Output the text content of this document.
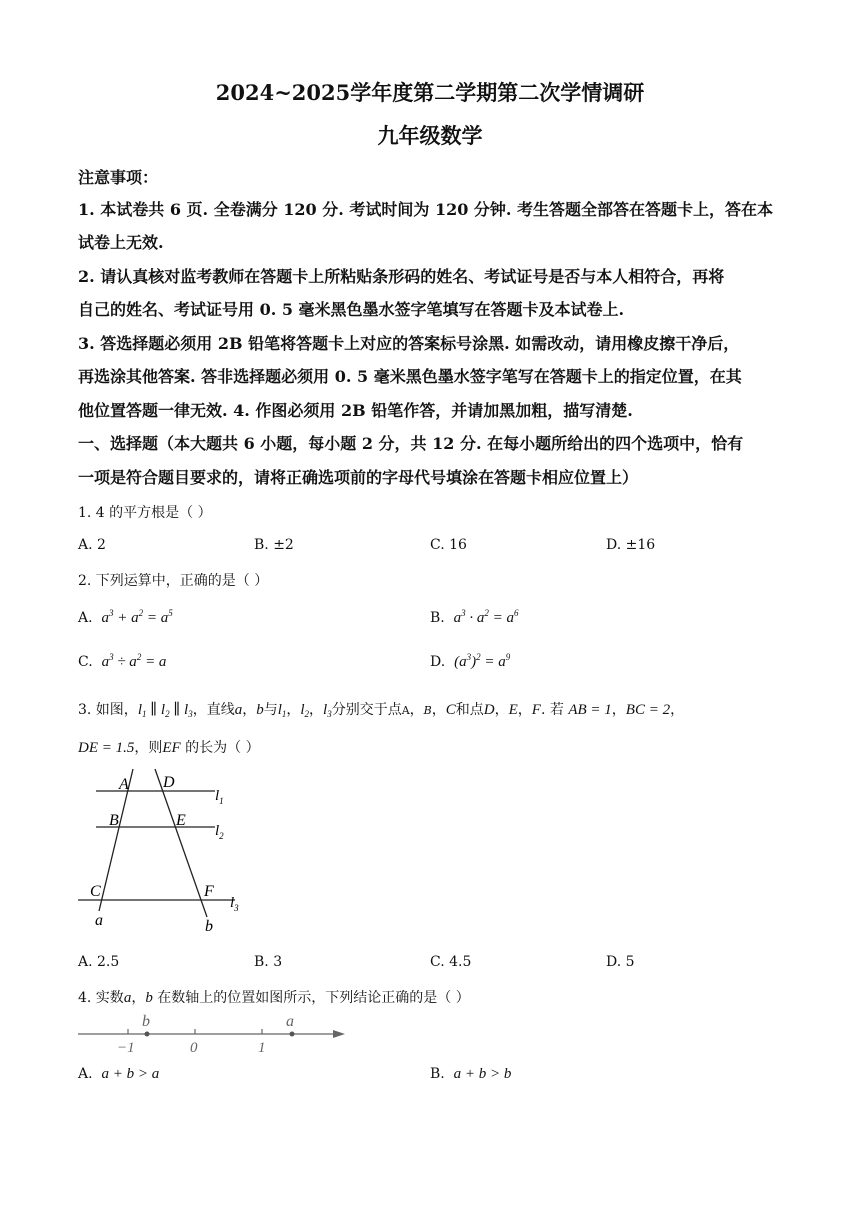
2024~2025学年度第二学期第二次学情调研
九年级数学
注意事项：
1. 本试卷共 6 页. 全卷满分 120 分. 考试时间为 120 分钟. 考生答题全部答在答题卡上，答在本
试卷上无效.
2. 请认真核对监考教师在答题卡上所粘贴条形码的姓名、考试证号是否与本人相符合，再将
自己的姓名、考试证号用 0. 5 毫米黑色墨水签字笔填写在答题卡及本试卷上.
3. 答选择题必须用 2B 铅笔将答题卡上对应的答案标号涂黑. 如需改动，请用橡皮擦干净后，
再选涂其他答案. 答非选择题必须用 0. 5 毫米黑色墨水签字笔写在答题卡上的指定位置，在其
他位置答题一律无效. 4. 作图必须用 2B 铅笔作答，并请加黑加粗，描写清楚.
一、选择题（本大题共 6 小题，每小题 2 分，共 12 分. 在每小题所给出的四个选项中，恰有
一项是符合题目要求的，请将正确选项前的字母代号填涂在答题卡相应位置上）
1. 4 的平方根是（ ）
A. 2	B. ±2	C. 16	D. ±16
2. 下列运算中，正确的是（ ）
A. $a^3 + a^2 = a^5$	B. $a^3 \cdot a^2 = a^6$
C. $a^3 \div a^2 = a$	D. $(a^3)^2 = a^9$
3. 如图，$l_1$ ∥ $l_2$ ∥ $l_3$，直线a，b与$l_1$，$l_2$，$l_3$分别交于点A，B，C和点D，E，F. 若 AB = 1，BC = 2，
DE = 1.5，则EF 的长为（ ）
A D
B	E
C	F
a	b
$l_1$
$l_2$
$l_3$
A. 2.5	B. 3	C. 4.5	D. 5
4. 实数a，b 在数轴上的位置如图所示，下列结论正确的是（ ）
−1	0	1
b	a
A. a + b > a	B. a + b > b
